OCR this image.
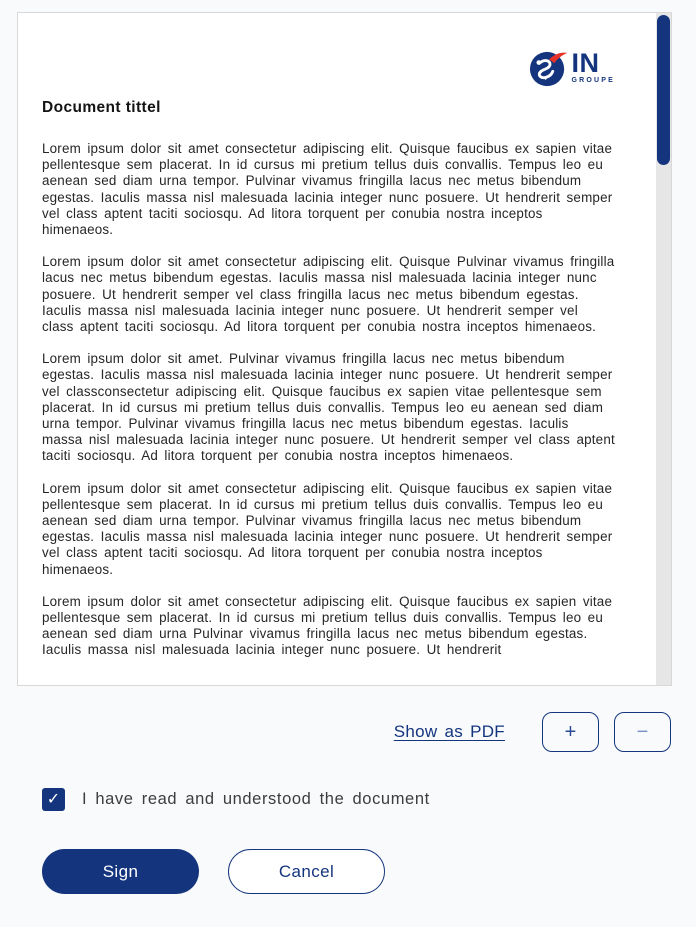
IN
GROUPE
Document tittel

Lorem ipsum dolor sit amet consectetur adipiscing elit. Quisque faucibus ex sapien vitae pellentesque sem placerat. In id cursus mi pretium tellus duis convallis. Tempus leo eu aenean sed diam urna tempor. Pulvinar vivamus fringilla lacus nec metus bibendum egestas. Iaculis massa nisl malesuada lacinia integer nunc posuere. Ut hendrerit semper vel class aptent taciti sociosqu. Ad litora torquent per conubia nostra inceptos himenaeos.

Lorem ipsum dolor sit amet consectetur adipiscing elit. Quisque Pulvinar vivamus fringilla lacus nec metus bibendum egestas. Iaculis massa nisl malesuada lacinia integer nunc posuere. Ut hendrerit semper vel class fringilla lacus nec metus bibendum egestas. Iaculis massa nisl malesuada lacinia integer nunc posuere. Ut hendrerit semper vel class aptent taciti sociosqu. Ad litora torquent per conubia nostra inceptos himenaeos.

Lorem ipsum dolor sit amet. Pulvinar vivamus fringilla lacus nec metus bibendum egestas. Iaculis massa nisl malesuada lacinia integer nunc posuere. Ut hendrerit semper vel classconsectetur adipiscing elit. Quisque faucibus ex sapien vitae pellentesque sem placerat. In id cursus mi pretium tellus duis convallis. Tempus leo eu aenean sed diam urna tempor. Pulvinar vivamus fringilla lacus nec metus bibendum egestas. Iaculis massa nisl malesuada lacinia integer nunc posuere. Ut hendrerit semper vel class aptent taciti sociosqu. Ad litora torquent per conubia nostra inceptos himenaeos.

Lorem ipsum dolor sit amet consectetur adipiscing elit. Quisque faucibus ex sapien vitae pellentesque sem placerat. In id cursus mi pretium tellus duis convallis. Tempus leo eu aenean sed diam urna tempor. Pulvinar vivamus fringilla lacus nec metus bibendum egestas. Iaculis massa nisl malesuada lacinia integer nunc posuere. Ut hendrerit semper vel class aptent taciti sociosqu. Ad litora torquent per conubia nostra inceptos himenaeos.

Lorem ipsum dolor sit amet consectetur adipiscing elit. Quisque faucibus ex sapien vitae pellentesque sem placerat. In id cursus mi pretium tellus duis convallis. Tempus leo eu aenean sed diam urna Pulvinar vivamus fringilla lacus nec metus bibendum egestas. Iaculis massa nisl malesuada lacinia integer nunc posuere. Ut hendrerit

Show as PDF	+	−
✓ I have read and understood the document
Sign	Cancel
